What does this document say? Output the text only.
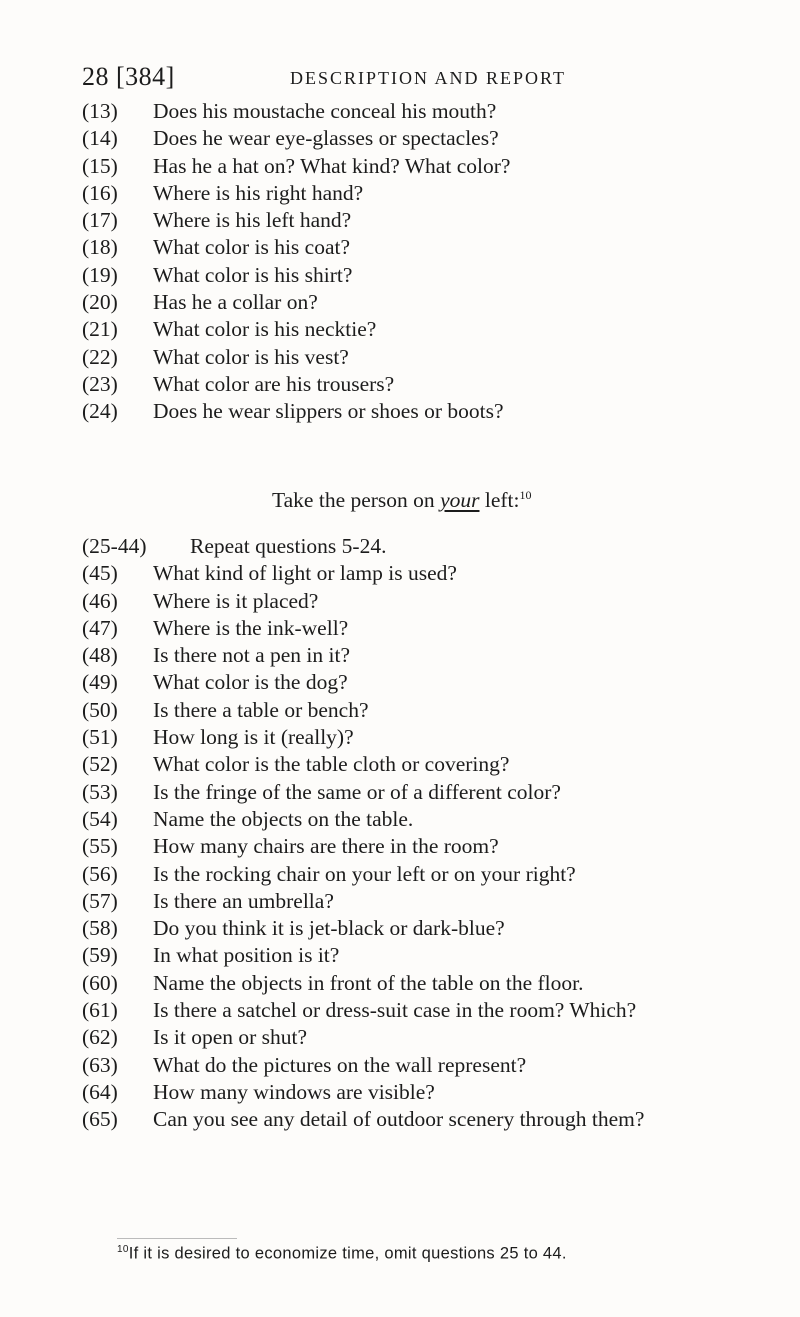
28 [384]	DESCRIPTION AND REPORT
(13) Does his moustache conceal his mouth?
(14) Does he wear eye-glasses or spectacles?
(15) Has he a hat on? What kind? What color?
(16) Where is his right hand?
(17) Where is his left hand?
(18) What color is his coat?
(19) What color is his shirt?
(20) Has he a collar on?
(21) What color is his necktie?
(22) What color is his vest?
(23) What color are his trousers?
(24) Does he wear slippers or shoes or boots?
Take the person on your left:$^{10}$
(25-44) Repeat questions 5-24.
(45) What kind of light or lamp is used?
(46) Where is it placed?
(47) Where is the ink-well?
(48) Is there not a pen in it?
(49) What color is the dog?
(50) Is there a table or bench?
(51) How long is it (really)?
(52) What color is the table cloth or covering?
(53) Is the fringe of the same or of a different color?
(54) Name the objects on the table.
(55) How many chairs are there in the room?
(56) Is the rocking chair on your left or on your right?
(57) Is there an umbrella?
(58) Do you think it is jet-black or dark-blue?
(59) In what position is it?
(60) Name the objects in front of the table on the floor.
(61) Is there a satchel or dress-suit case in the room? Which?
(62) Is it open or shut?
(63) What do the pictures on the wall represent?
(64) How many windows are visible?
(65) Can you see any detail of outdoor scenery through them?
$^{10}$If it is desired to economize time, omit questions 25 to 44.
